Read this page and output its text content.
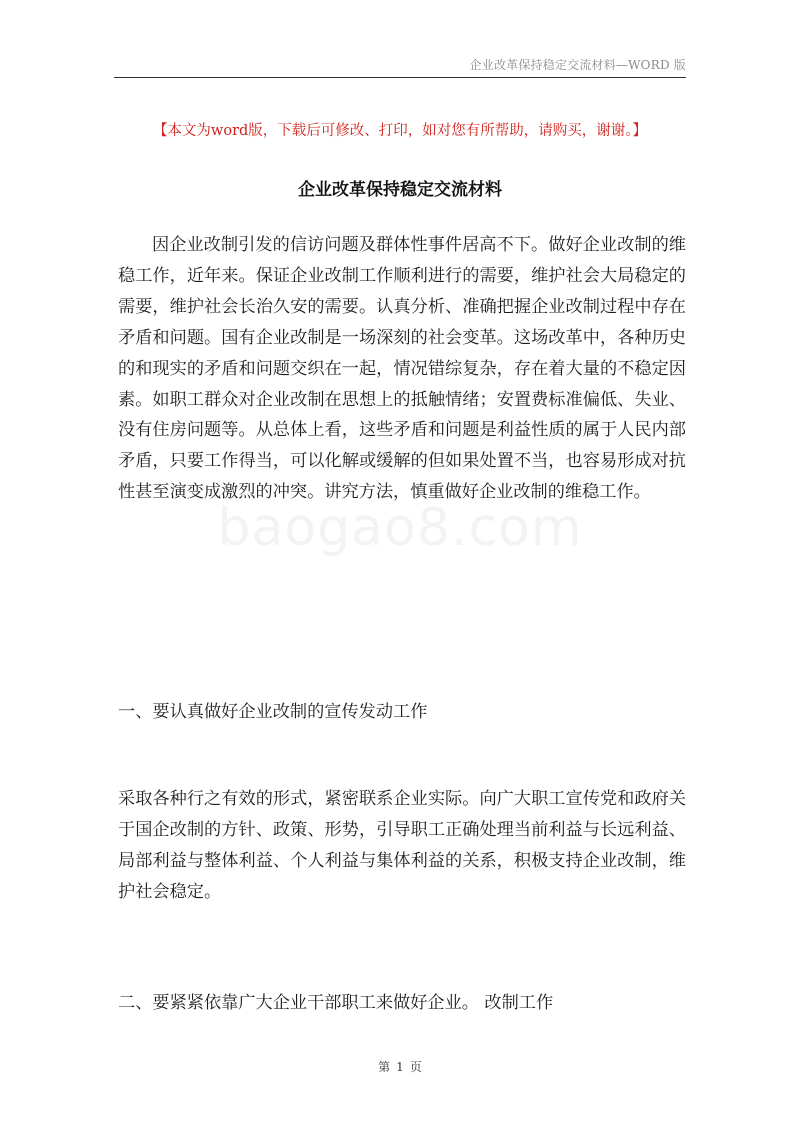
企业改革保持稳定交流材料—WORD 版
【本文为word版，下载后可修改、打印，如对您有所帮助，请购买，谢谢。】
企业改革保持稳定交流材料
baogao8.com
因企业改制引发的信访问题及群体性事件居高不下。做好企业改制的维稳工作，近年来。保证企业改制工作顺利进行的需要，维护社会大局稳定的需要，维护社会长治久安的需要。认真分析、准确把握企业改制过程中存在矛盾和问题。国有企业改制是一场深刻的社会变革。这场改革中，各种历史的和现实的矛盾和问题交织在一起，情况错综复杂，存在着大量的不稳定因素。如职工群众对企业改制在思想上的抵触情绪；安置费标准偏低、失业、没有住房问题等。从总体上看，这些矛盾和问题是利益性质的属于人民内部矛盾，只要工作得当，可以化解或缓解的但如果处置不当，也容易形成对抗性甚至演变成激烈的冲突。讲究方法，慎重做好企业改制的维稳工作。
一、要认真做好企业改制的宣传发动工作
采取各种行之有效的形式，紧密联系企业实际。向广大职工宣传党和政府关于国企改制的方针、政策、形势，引导职工正确处理当前利益与长远利益、局部利益与整体利益、个人利益与集体利益的关系，积极支持企业改制，维护社会稳定。
二、要紧紧依靠广大企业干部职工来做好企业。 改制工作
第 1 页
